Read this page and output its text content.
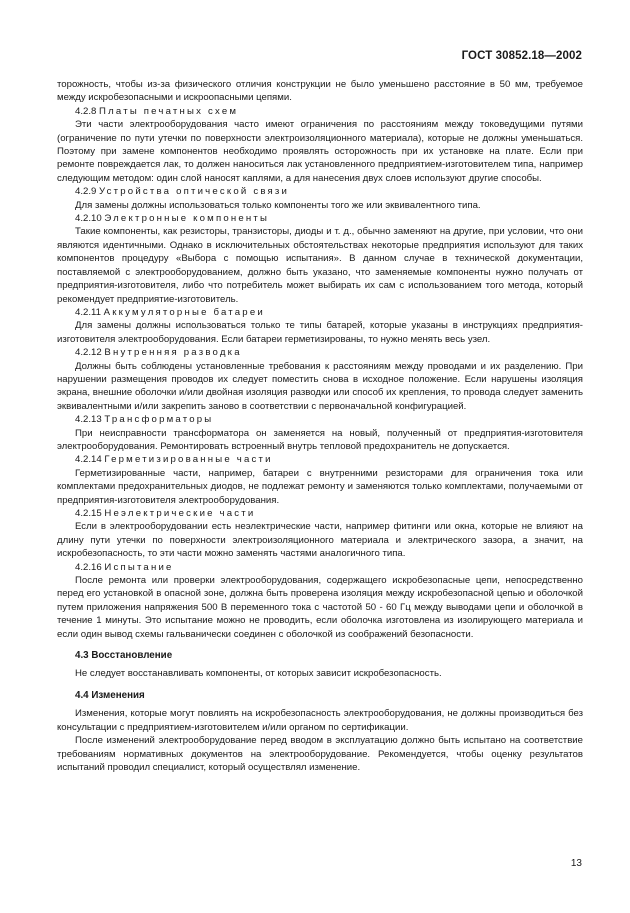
ГОСТ 30852.18—2002

торожность, чтобы из-за физического отличия конструкции не было уменьшено расстояние в 50 мм, требуемое между искробезопасными и искроопасными цепями.

4.2.8 Платы печатных схем

Эти части электрооборудования часто имеют ограничения по расстояниям между токоведущими путями (ограничение по пути утечки по поверхности электроизоляционного материала), которые не должны уменьшаться. Поэтому при замене компонентов необходимо проявлять осторожность при их установке на плате. Если при ремонте повреждается лак, то должен наноситься лак установленного предприятием-изготовителем типа, например следующим методом: один слой наносят каплями, а для нанесения двух слоев используют другие способы.

4.2.9 Устройства оптической связи

Для замены должны использоваться только компоненты того же или эквивалентного типа.

4.2.10 Электронные компоненты

Такие компоненты, как резисторы, транзисторы, диоды и т. д., обычно заменяют на другие, при условии, что они являются идентичными. Однако в исключительных обстоятельствах некоторые предприятия используют для таких компонентов процедуру «Выбора с помощью испытания». В данном случае в технической документации, поставляемой с электрооборудованием, должно быть указано, что заменяемые компоненты нужно получать от предприятия-изготовителя, либо что потребитель может выбирать их сам с использованием того метода, который рекомендует предприятие-изготовитель.

4.2.11 Аккумуляторные батареи

Для замены должны использоваться только те типы батарей, которые указаны в инструкциях предприятия-изготовителя электрооборудования. Если батареи герметизированы, то нужно менять весь узел.

4.2.12 Внутренняя разводка

Должны быть соблюдены установленные требования к расстояниям между проводами и их разделению. При нарушении размещения проводов их следует поместить снова в исходное положение. Если нарушены изоляция экрана, внешние оболочки и/или двойная изоляция разводки или способ их крепления, то провода следует заменить эквивалентными и/или закрепить заново в соответствии с первоначальной конфигурацией.

4.2.13 Трансформаторы

При неисправности трансформатора он заменяется на новый, полученный от предприятия-изготовителя электрооборудования. Ремонтировать встроенный внутрь тепловой предохранитель не допускается.

4.2.14 Герметизированные части

Герметизированные части, например, батареи с внутренними резисторами для ограничения тока или комплектами предохранительных диодов, не подлежат ремонту и заменяются только комплектами, получаемыми от предприятия-изготовителя электрооборудования.

4.2.15 Неэлектрические части

Если в электрооборудовании есть неэлектрические части, например фитинги или окна, которые не влияют на длину пути утечки по поверхности электроизоляционного материала и электрического зазора, а значит, на искробезопасность, то эти части можно заменять частями аналогичного типа.

4.2.16 Испытание

После ремонта или проверки электрооборудования, содержащего искробезопасные цепи, непосредственно перед его установкой в опасной зоне, должна быть проверена изоляция между искробезопасной цепью и оболочкой путем приложения напряжения 500 В переменного тока с частотой 50 - 60 Гц между выводами цепи и оболочкой в течение 1 минуты. Это испытание можно не проводить, если оболочка изготовлена из изолирующего материала и если один вывод схемы гальванически соединен с оболочкой из соображений безопасности.

4.3 Восстановление

Не следует восстанавливать компоненты, от которых зависит искробезопасность.

4.4 Изменения

Изменения, которые могут повлиять на искробезопасность электрооборудования, не должны производиться без консультации с предприятием-изготовителем и/или органом по сертификации.

После изменений электрооборудование перед вводом в эксплуатацию должно быть испытано на соответствие требованиям нормативных документов на электрооборудование. Рекомендуется, чтобы оценку результатов испытаний проводил специалист, который осуществлял изменение.

13
